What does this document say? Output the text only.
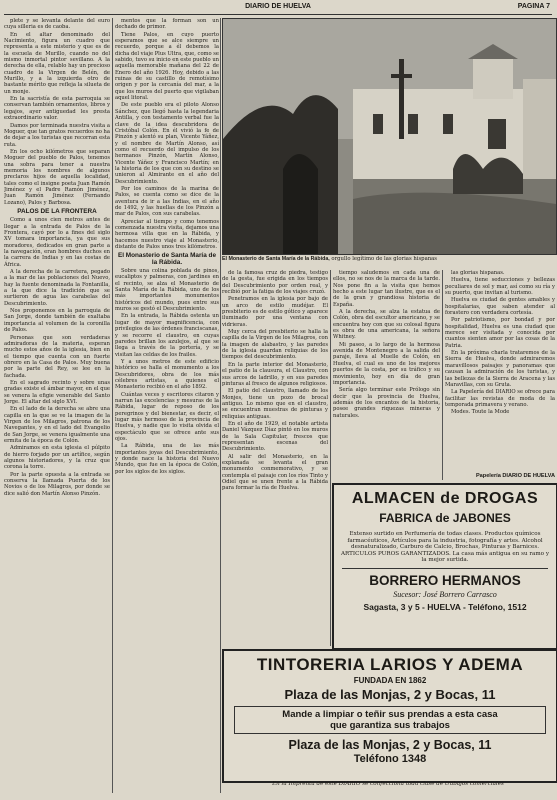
DIARIO DE HUELVA	PAGINA 7

plete y se levanta delante del euro cuya silleria es de caoba.

En el altar denominado del Nacimiento, figura un cuadro que representa a este misterio y que es de la escuela de Murillo, cuando no del mismo inmortal pintor sevillano. A la derecha de ella, relablo hay un precioso cuadro de la Virgen de Belén, de Murillo, y a la izquierda otro de bastante mérito que refleja la silueta de un monje.

En la sacristía de esta parroquia se conservan también ornamentos, libros y legajos, ayer antiguedad les presta extraordinario valor.

Damos por terminada nuestra visita a Moguer, que tan gratos recuerdos no ha de dejar a los turistas que recorran esta ruta.

En los ocho kilómetros que separan Moguer del pueblo de Palos, tenemos una sobra para tener a nuestra memoria los nombres de algunos preclaros hijos de aquella localidad, tales como el insigne poeta Juan Ramón Jiménez y el Padre Ramón Jiménez, Juan Ramón Jiménez (Fernando Lozano), Palos y Barbosa.

PALOS DE LA FRONTERA

Como a unos cien metros antes de llegar a la entrada de Palos de la Frontera, cayó por lo a fines del siglo XV tomara importancia, ya que sus moradores, dedicados en gran parte a la navegación, eran hombres duchos en la carrera de Indias y en las costas de África.

A la derecha de la carretera, pegado a la mar de las poblaciones del Nuevo, hay la fuente denominada la Fontanilla, a la que dice la tradición que se surtieron de agua las carabelas del Descubrimiento.

Nos proponemos en la parroquia de San Jorge, donde también de exaltaba importancia al volumen de la coronilla de Palos.

Personas que son verdaderas admiradoras de la materia, esperan mucho estos años de la iglesia, bien en el tiempo que cuenta con un fuerte obrero en la Casa de Palos. Muy buena por la parte del Rey, se lee en la fachada.

En el sagrado recinto y sobre unas gradas existe el ámbar mayor, en el que se venera la efigie venerable del Santo Jorge. El altar del siglo XVI.

En el lado de la derecha se abre una capilla en la que se ve la imagen de la Virgen de los Milagros, patrona de los Navegantes, y en el lado del Evangelio de San Jorge, se venera igualmente una ermita de la época de Colón.

Admiramos en esta iglesia el púlpito de hierro forjado por un artífice, según algunos historiadores, y la cruz que corona la torre.

Por la parte opuesta a la entrada se conserva la llamada Puerta de los Novios o de los Milagros, por donde se dice salió don Martín Alonso Pinzón.

mentos que la forman son un dechado de primor.

Tiene Palos, en cuyo puerto esperamos que se alce siempre un recuerdo, porque a él debemos la dicha del viaje Plus Ultra, que, como se sabido, tuvo su inicio en este pueblo un aquella memorable mañana del 22 de Enero del año 1926. Hoy, debido a las ruinas de su castillo de remotísimo origen y por la cercanía del mar, a la que los muros del puerto que vigilaban aquel litoral.

De este pueblo era el piloto Alonso Sánchez, que llegó hasta la legendaria Antilla, y con testamento verbal fue la clave de la idea descubridora de Cristóbal Colón. En él vivió la fe de Pinzón y alentó su plan, Vicente Yáñez, y el nombre de Martín Alonso, así como el recuerdo del impulso de los hermanos Pinzón, Martín Alonso, Vicente Yáñez y Francisco Martín; en la historia de los que con su destino se unieron al Almirante en el año del Descubrimiento.

Por los caminos de la marina de Palos, se cuenta como se dice de la aventura de ir a las Indias, en el año de 1492, y las huellas de los Pinzón a mar de Palos, con sus carabelas.

Apreciar al tiempo y como tenemos comenzada nuestra visita, dejamos una hermosa villa que en la Rábida, y hacemos nuestro viaje al Monasterio, distante de Palos unos tres kilómetros.

El Monasterio de Santa María de la Rábida.

Sobre una colina poblada de pinos, eucaliptos y palmeras, con jardines en el recinto, se alza el Monasterio de Santa María de la Rábida, uno de los más importantes monumentos históricos del mundo, pues entre sus muros se gestó el Descubrimiento.

En la entrada, la Rábida ostenta un lugar de mayor magnificencia, con privilegios de las órdenes franciscanas, y se recorre el claustro, en cuyas paredes brillan los azulejos, al que se llega a través de la portería, y se visitan las celdas de los frailes.

Y a unos metros de este edificio histórico se halla el monumento a los Descubridores, obra de los más célebres artistas, a quienes el Monasterio recibió en el año 1892.

Cuántas veces y escritores citaron y narran las excelencias y mesuras de la Rábida, lugar de reposo de los peregrinos y del bienestar, es decir, el lugar más hermoso de la provincia de Huelva, y nadie que lo visita olvida el espectáculo que se ofrece ante sus ojos.

La Rábida, una de las más importantes joyas del Descubrimiento, y donde nace la historia del Nuevo Mundo, que fue en la época de Colón, por los siglos de los siglos.

El Monasterio de Santa María de la Rábida, orgullo legítimo de las glorias hispanas

de la famosa cruz de piedra, testigo de la gesta, fue erigida en los tiempos del Descubrimiento por orden real, y recibió por la fatiga de los viajes cruzó.

Penetramos en la iglesia por bajo de un arco de estilo mudéjar. El presbiterio es de estilo gótico y aparece iluminado por una ventana con vidrieras.

Muy cerca del presbiterio se halla la capilla de la Virgen de los Milagros, con la imagen de alabastro, y las paredes de la iglesia guardan reliquias de los tiempos del descubrimiento.

En la parte interior del Monasterio, el patio de la clausura, el Claustro, con sus arcos de ladrillo, y en sus paredes pinturas al fresco de algunos religiosos.

El patio del claustro, llamado de los Monjes, tiene un pozo de brocal antiguo. Lo mismo que en el claustro, se encuentran muestras de pinturas y reliquias antiguas.

En el año de 1929, el notable artista Daniel Vázquez Díaz pintó en los muros de la Sala Capitular, frescos que representan escenas del Descubrimiento.

Al salir del Monasterio, en la explanada se levanta el gran monumento conmemorativo, y se contempla el paisaje con los ríos Tinto y Odiel que se unen frente a la Rábida para formar la ría de Huelva.

tiempo saludemos en cada una de ellos, no se nos de la marca de la tarde. Nos pone fin a la visita que hemos hecho a este lugar tan ilustre, que es el de la gran y grandiosa historia de España.

A la derecha, se alza la estatua de Colón, obra del escultor americano, y se encuentra hoy con que su colosal figura es obra de una americana, la señora Whitney.

Mi paseo, a lo largo de la hermosa avenida de Montenegro a la salida del paraje, lleva al Muelle de Colón, en Huelva, el cual es uno de los mejores puertos de la costa, por su tráfico y su movimiento, hoy en día de gran importancia.

Sería algo terminar este Prólogo sin decir que la provincia de Huelva, además de los encantos de la historia, posee grandes riquezas mineras y naturales.

las glorias hispanas.

Huelva, tiene seducciones y bellezas peculiares de sol y mar, así como su ría y su puerto, que invitan al turismo.

Huelva es ciudad de gentes amables y hospitalarias, que saben atender al forastero con verdadera cortesía.

Por patriotismo, por bondad y por hospitalidad, Huelva es una ciudad que merece ser visitada y conocida por cuantos sienten amor por las cosas de la Patria.

En la próxima charla trataremos de la Sierra de Huelva, donde admiraremos maravillosos paisajes y panoramas que causan la admiración de los turistas, y las bellezas de la Sierra de Aracena y las Maravillas, con su Gruta.

La Papelería del DIARIO se ofrece para facilitar las revistas de moda de la temporada primavera y verano.

Modes. Toute la Mode

Papelería DIARIO DE HUELVA
ALMACEN de DROGAS
FABRICA de JABONES
Extenso surtido en Perfumería de todas clases. Productos químicos farmacéuticos, Artículos para la industria, fotografía y artes. Alcohol desnaturalizado, Carburo de Calcio, Brochas, Pinturas y Barnices. ARTICULOS PUROS GARANTIZADOS. La casa más antigua en su ramo y la mejor surtida.
BORRERO HERMANOS
Sucesor: José Borrero Carrasco
Sagasta, 3 y 5 - HUELVA - Teléfono, 1512
TINTORERIA LARIOS Y ADEMA
FUNDADA EN 1862
Plaza de las Monjas, 2 y Bocas, 11
Mande a limpiar o teñir sus prendas a esta casa
que garantiza sus trabajos
Plaza de las Monjas, 2 y Bocas, 11
Teléfono 1348
En la Imprenta de este DIARIO se confecciona toda clase de trabajos comerciales
